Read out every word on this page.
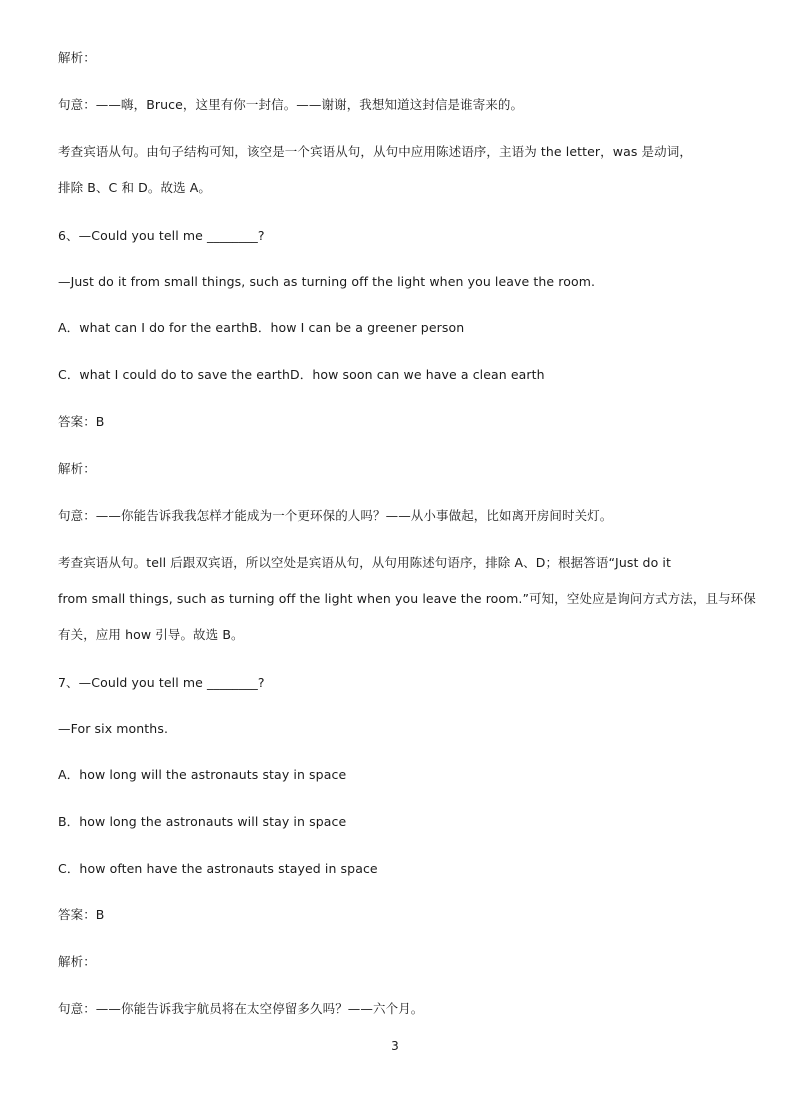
解析：
句意：——嗨，Bruce，这里有你一封信。——谢谢，我想知道这封信是谁寄来的。
考查宾语从句。由句子结构可知，该空是一个宾语从句，从句中应用陈述语序，主语为 the letter，was 是动词，
排除 B、C 和 D。故选 A。
6、—Could you tell me ________?
—Just do it from small things, such as turning off the light when you leave the room.
A．what can I do for the earthB．how I can be a greener person
C．what I could do to save the earthD．how soon can we have a clean earth
答案：B
解析：
句意：——你能告诉我我怎样才能成为一个更环保的人吗？——从小事做起，比如离开房间时关灯。
考查宾语从句。tell 后跟双宾语，所以空处是宾语从句，从句用陈述句语序，排除 A、D；根据答语“Just do it
from small things, such as turning off the light when you leave the room.”可知，空处应是询问方式方法，且与环保
有关，应用 how 引导。故选 B。
7、—Could you tell me ________?
—For six months.
A．how long will the astronauts stay in space
B．how long the astronauts will stay in space
C．how often have the astronauts stayed in space
答案：B
解析：
句意：——你能告诉我宇航员将在太空停留多久吗？——六个月。
3
